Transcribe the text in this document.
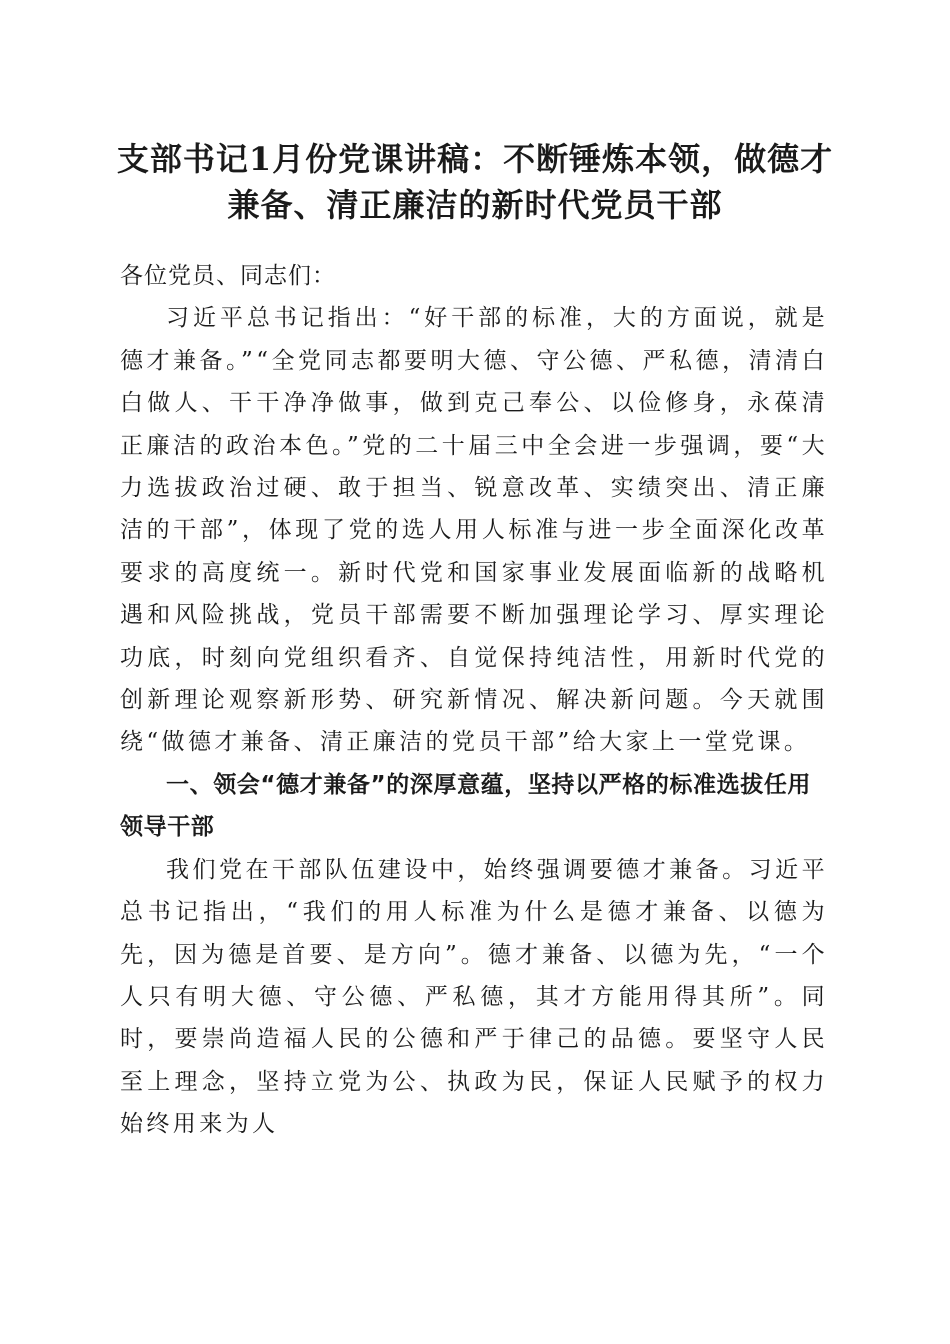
支部书记1月份党课讲稿：不断锤炼本领，做德才兼备、清正廉洁的新时代党员干部

各位党员、同志们：

习近平总书记指出：“好干部的标准，大的方面说，就是德才兼备。”“全党同志都要明大德、守公德、严私德，清清白白做人、干干净净做事，做到克己奉公、以俭修身，永葆清正廉洁的政治本色。”党的二十届三中全会进一步强调，要“大力选拔政治过硬、敢于担当、锐意改革、实绩突出、清正廉洁的干部”，体现了党的选人用人标准与进一步全面深化改革要求的高度统一。新时代党和国家事业发展面临新的战略机遇和风险挑战，党员干部需要不断加强理论学习、厚实理论功底，时刻向党组织看齐、自觉保持纯洁性，用新时代党的创新理论观察新形势、研究新情况、解决新问题。今天就围绕“做德才兼备、清正廉洁的党员干部”给大家上一堂党课。

一、领会“德才兼备”的深厚意蕴，坚持以严格的标准选拔任用领导干部

我们党在干部队伍建设中，始终强调要德才兼备。习近平总书记指出，“我们的用人标准为什么是德才兼备、以德为先，因为德是首要、是方向”。德才兼备、以德为先，“一个人只有明大德、守公德、严私德，其才方能用得其所”。同时，要崇尚造福人民的公德和严于律己的品德。要坚守人民至上理念，坚持立党为公、执政为民，保证人民赋予的权力始终用来为人
